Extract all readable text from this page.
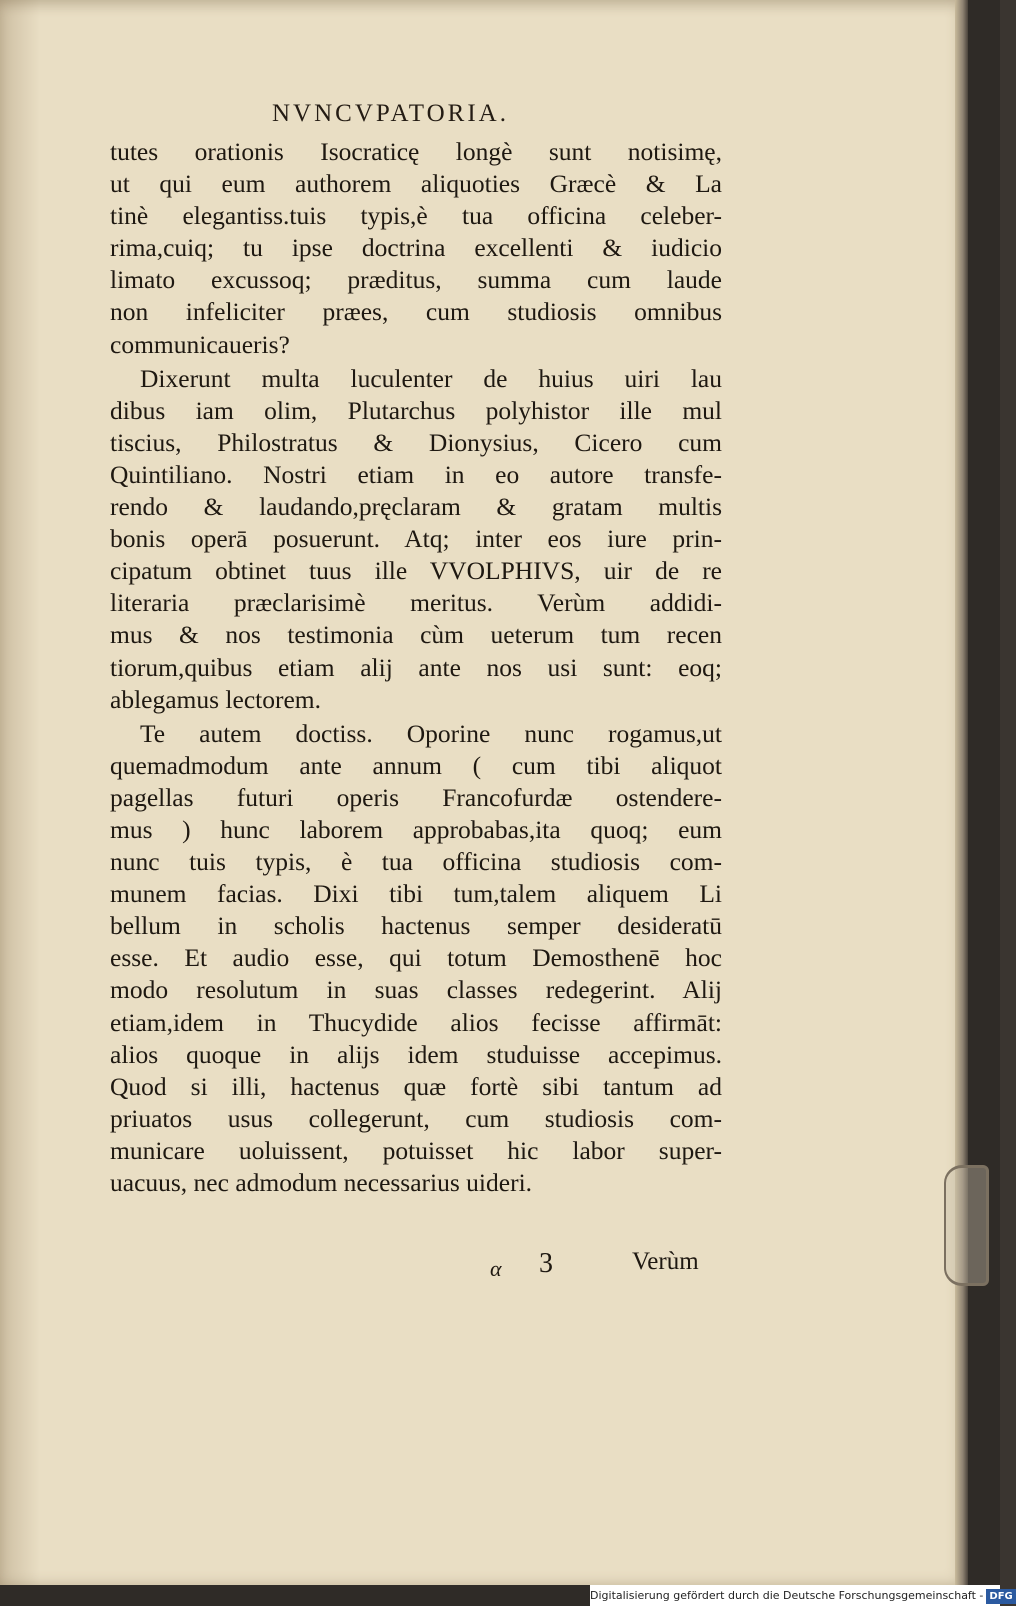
NVNCVPATORIA.
tutes orationis Isocraticę longè sunt notisimę,
ut qui eum authorem aliquoties Græcè & La
tinè elegantiss.tuis typis,è tua officina celeber-
rima,cuiq; tu ipse doctrina excellenti & iudicio
limato excussoq; præditus, summa cum laude
non infeliciter præes, cum studiosis omnibus
communicaueris?
Dixerunt multa luculenter de huius uiri lau
dibus iam olim, Plutarchus polyhistor ille mul
tiscius, Philostratus & Dionysius, Cicero cum
Quintiliano. Nostri etiam in eo autore transfe-
rendo & laudando,pręclaram & gratam multis
bonis operā posuerunt. Atq; inter eos iure prin-
cipatum obtinet tuus ille VVOLPHIVS, uir de re
literaria præclarisimè meritus. Verùm addidi-
mus & nos testimonia cùm ueterum tum recen
tiorum,quibus etiam alij ante nos usi sunt: eoq;
ablegamus lectorem.
Te autem doctiss. Oporine nunc rogamus,ut
quemadmodum ante annum ( cum tibi aliquot
pagellas futuri operis Francofurdæ ostendere-
mus ) hunc laborem approbabas,ita quoq; eum
nunc tuis typis, è tua officina studiosis com-
munem facias. Dixi tibi tum,talem aliquem Li
bellum in scholis hactenus semper desideratū
esse. Et audio esse, qui totum Demosthenē hoc
modo resolutum in suas classes redegerint. Alij
etiam,idem in Thucydide alios fecisse affirmāt:
alios quoque in alijs idem studuisse accepimus.
Quod si illi, hactenus quæ fortè sibi tantum ad
priuatos usus collegerunt, cum studiosis com-
municare uoluissent, potuisset hic labor super-
uacuus, nec admodum necessarius uideri.
α 3	Verùm
Digitalisierung gefördert durch die Deutsche Forschungsgemeinschaft - DFG
